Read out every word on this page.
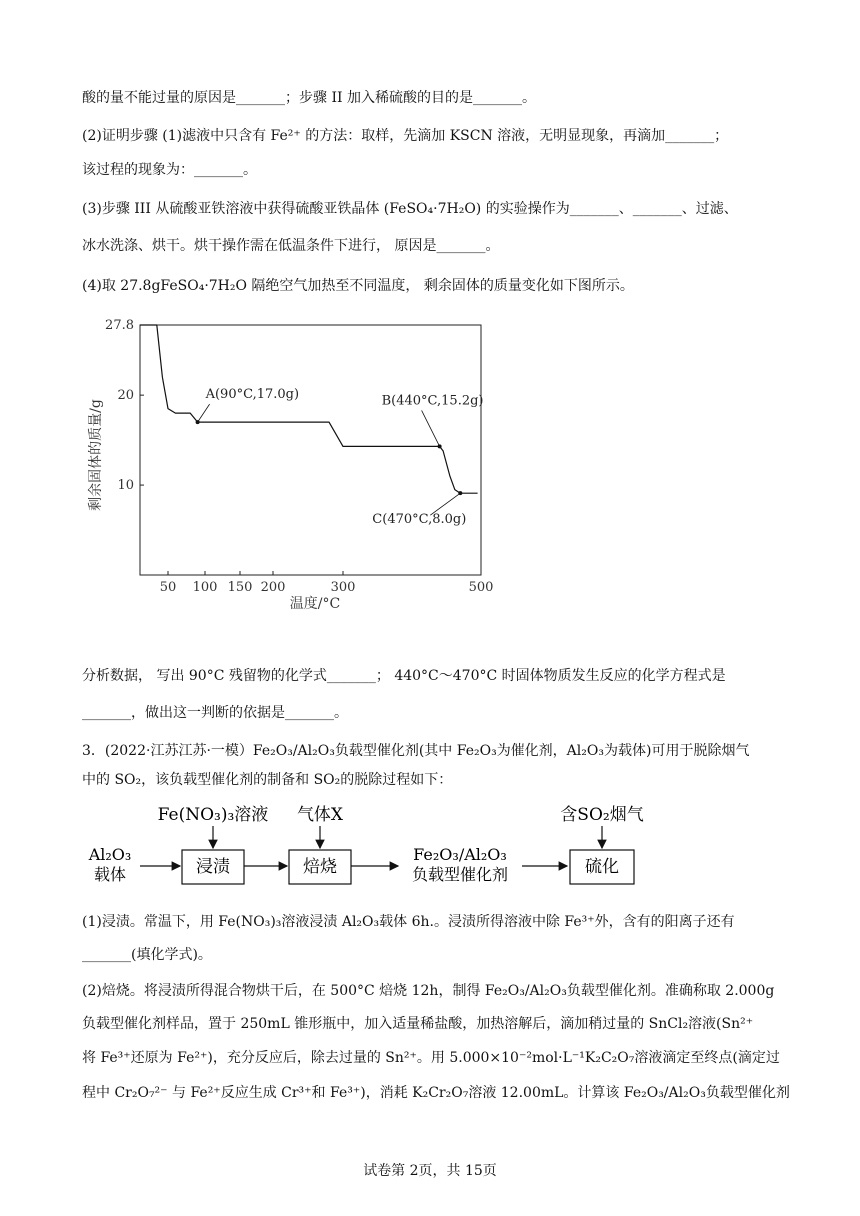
酸的量不能过量的原因是_______；步骤 II 加入稀硫酸的目的是_______。
(2)证明步骤 (1)滤液中只含有 Fe²⁺ 的方法：取样，先滴加 KSCN 溶液，无明显现象，再滴加_______；
该过程的现象为：_______。
(3)步骤 III 从硫酸亚铁溶液中获得硫酸亚铁晶体 (FeSO₄·7H₂O) 的实验操作为_______、_______、过滤、
冰水洗涤、烘干。烘干操作需在低温条件下进行， 原因是_______。
(4)取 27.8gFeSO₄·7H₂O 隔绝空气加热至不同温度， 剩余固体的质量变化如下图所示。
50 100 150 200	300	500
10
20
27.8
A(90°C,17.0g)	B(440°C,15.2g)
C(470°C,8.0g)
剩余固体的质量/g
温度/°C
分析数据， 写出 90°C 残留物的化学式_______； 440°C～470°C 时固体物质发生反应的化学方程式是
_______，做出这一判断的依据是_______。
3．(2022·江苏江苏·一模）Fe₂O₃/Al₂O₃负载型催化剂(其中 Fe₂O₃为催化剂，Al₂O₃为载体)可用于脱除烟气
中的 SO₂，该负载型催化剂的制备和 SO₂的脱除过程如下：
Fe(NO₃)₃溶液 气体X	含SO₂烟气
Al₂O₃
载体	浸渍	焙烧
Fe₂O₃/Al₂O₃
负载型催化剂	硫化
(1)浸渍。常温下，用 Fe(NO₃)₃溶液浸渍 Al₂O₃载体 6h.。浸渍所得溶液中除 Fe³⁺外，含有的阳离子还有
_______(填化学式)。
(2)焙烧。将浸渍所得混合物烘干后，在 500°C 焙烧 12h，制得 Fe₂O₃/Al₂O₃负载型催化剂。准确称取 2.000g
负载型催化剂样品，置于 250mL 锥形瓶中，加入适量稀盐酸，加热溶解后，滴加稍过量的 SnCl₂溶液(Sn²⁺
将 Fe³⁺还原为 Fe²⁺)，充分反应后，除去过量的 Sn²⁺。用 5.000×10⁻²mol·L⁻¹K₂C₂O₇溶液滴定至终点(滴定过
程中 Cr₂O₇²⁻ 与 Fe²⁺反应生成 Cr³⁺和 Fe³⁺)，消耗 K₂Cr₂O₇溶液 12.00mL。计算该 Fe₂O₃/Al₂O₃负载型催化剂
试卷第 2页，共 15页
